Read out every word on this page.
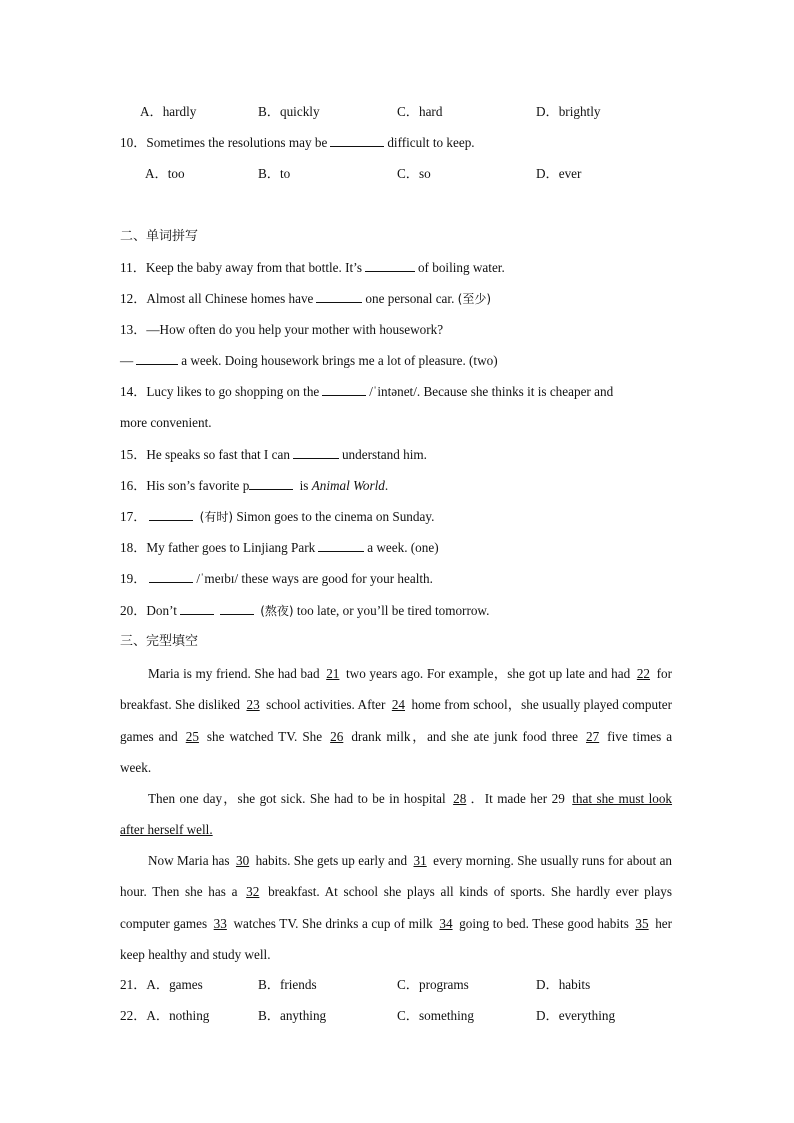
A．hardly	B．quickly	C．hard	D．brightly
10．Sometimes the resolutions may be	difficult to keep.
A．too	B．to	C．so	D．ever
二、单词拼写
11．Keep the baby away from that bottle. It’s	of boiling water.
12．Almost all Chinese homes have	one personal car. (至少)
13．—How often do you help your mother with housework?
—	a week. Doing housework brings me a lot of pleasure. (two)
14．Lucy likes to go shopping on the	/ˈintənet/. Because she thinks it is cheaper and
more convenient.
15．He speaks so fast that I can	understand him.
16．His son’s favorite p	is Animal World.
17．	(有时) Simon goes to the cinema on Sunday.
18．My father goes to Linjiang Park	a week. (one)
19．	/ˈmeɪbɪ/ these ways are good for your health.
20．Don’t	(熬夜) too late, or you’ll be tired tomorrow.
三、完型填空
Maria is my friend. She had bad 21 two years ago. For example，she got up late and had 22 for breakfast. She disliked 23 school activities. After 24 home from school，she usually played computer games and 25 she watched TV. She 26 drank milk，and she ate junk food three 27 five times a week.
Then one day，she got sick. She had to be in hospital 28 ．It made her 29 that she must look after herself well.
Now Maria has 30 habits. She gets up early and 31 every morning. She usually runs for about an hour. Then she has a 32 breakfast. At school she plays all kinds of sports. She hardly ever plays computer games 33 watches TV. She drinks a cup of milk 34 going to bed. These good habits 35 her keep healthy and study well.
21．A．games	B．friends	C．programs	D．habits
22．A．nothing	B．anything	C．something	D．everything
